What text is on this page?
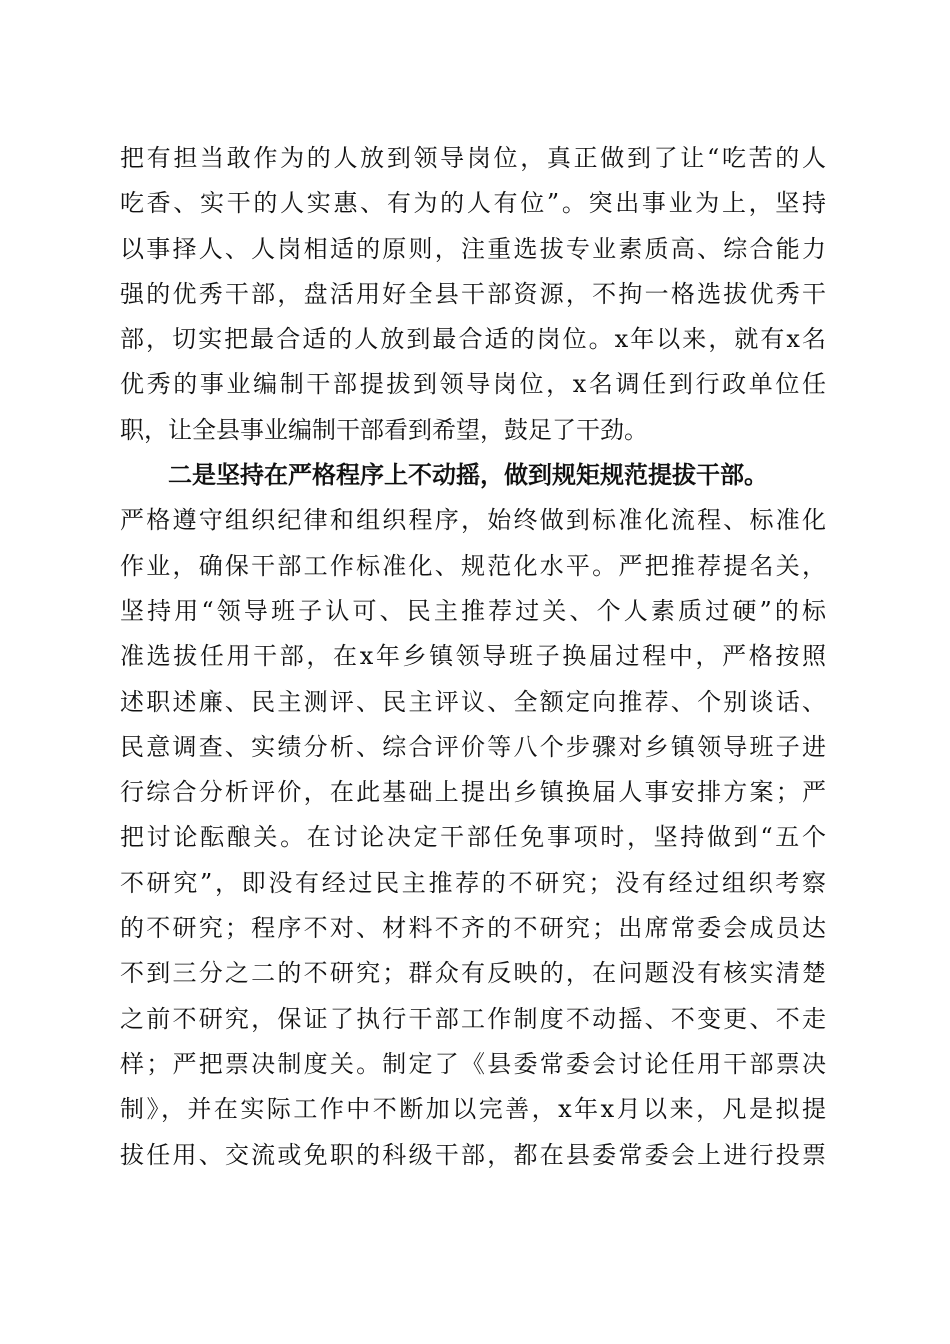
把有担当敢作为的人放到领导岗位，真正做到了让“吃苦的人
吃香、实干的人实惠、有为的人有位”。突出事业为上，坚持
以事择人、人岗相适的原则，注重选拔专业素质高、综合能力
强的优秀干部，盘活用好全县干部资源，不拘一格选拔优秀干
部，切实把最合适的人放到最合适的岗位。x年以来，就有x名
优秀的事业编制干部提拔到领导岗位，x名调任到行政单位任
职，让全县事业编制干部看到希望，鼓足了干劲。
二是坚持在严格程序上不动摇，做到规矩规范提拔干部。
严格遵守组织纪律和组织程序，始终做到标准化流程、标准化
作业，确保干部工作标准化、规范化水平。严把推荐提名关，
坚持用“领导班子认可、民主推荐过关、个人素质过硬”的标
准选拔任用干部，在x年乡镇领导班子换届过程中，严格按照
述职述廉、民主测评、民主评议、全额定向推荐、个别谈话、
民意调查、实绩分析、综合评价等八个步骤对乡镇领导班子进
行综合分析评价，在此基础上提出乡镇换届人事安排方案；严
把讨论酝酿关。在讨论决定干部任免事项时，坚持做到“五个
不研究”，即没有经过民主推荐的不研究；没有经过组织考察
的不研究；程序不对、材料不齐的不研究；出席常委会成员达
不到三分之二的不研究；群众有反映的，在问题没有核实清楚
之前不研究，保证了执行干部工作制度不动摇、不变更、不走
样；严把票决制度关。制定了《县委常委会讨论任用干部票决
制》，并在实际工作中不断加以完善，x年x月以来，凡是拟提
拔任用、交流或免职的科级干部，都在县委常委会上进行投票
